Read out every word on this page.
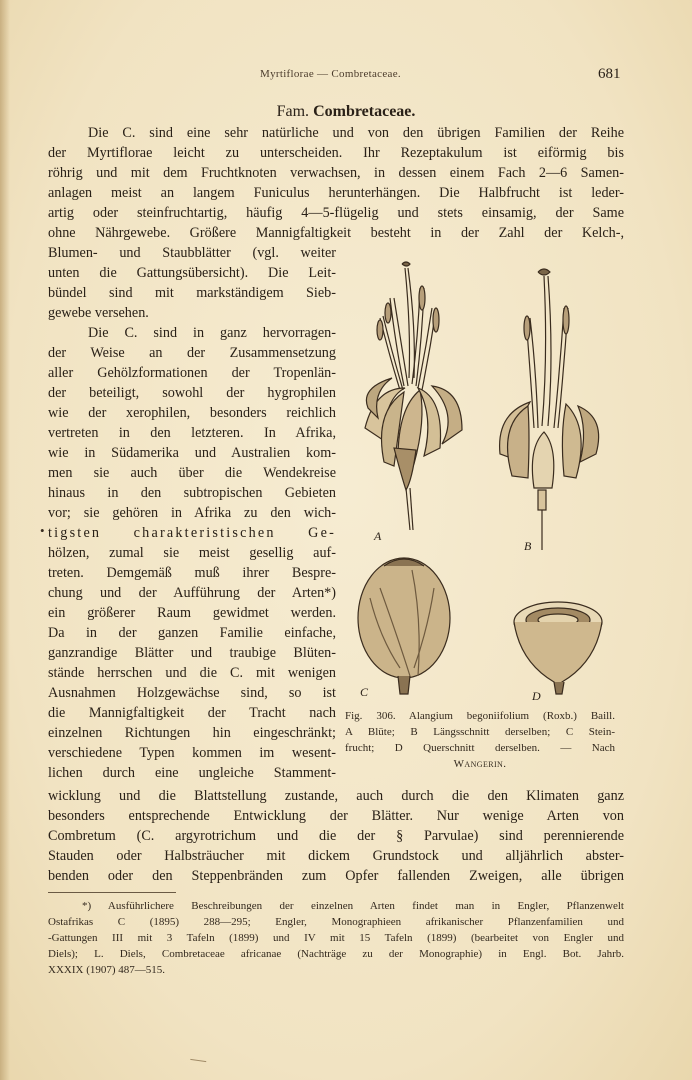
Myrtiflorae — Combretaceae.	681
Fam. Combretaceae.
Die C. sind eine sehr natürliche und von den übrigen Familien der Reihe
der Myrtiflorae leicht zu unterscheiden. Ihr Rezeptakulum ist eiförmig bis
röhrig und mit dem Fruchtknoten verwachsen, in dessen einem Fach 2—6 Samen-
anlagen meist an langem Funiculus herunterhängen. Die Halbfrucht ist leder-
artig oder steinfruchtartig, häufig 4—5-flügelig und stets einsamig, der Same
ohne Nährgewebe. Größere Mannigfaltigkeit besteht in der Zahl der Kelch-,
Blumen- und Staubblätter (vgl. weiter
unten die Gattungsübersicht). Die Leit-
bündel sind mit markständigem Sieb-
gewebe versehen.
Die C. sind in ganz hervorragen-
der Weise an der Zusammensetzung
aller Gehölzformationen der Tropenlän-
der beteiligt, sowohl der hygrophilen
wie der xerophilen, besonders reichlich
vertreten in den letzteren. In Afrika,
wie in Südamerika und Australien kom-
men sie auch über die Wendekreise
hinaus in den subtropischen Gebieten
vor; sie gehören in Afrika zu den wich-
tigsten charakteristischen Ge-
hölzen, zumal sie meist gesellig auf-
treten. Demgemäß muß ihrer Bespre-
chung und der Aufführung der Arten*)
ein größerer Raum gewidmet werden.
Da in der ganzen Familie einfache,
ganzrandige Blätter und traubige Blüten-
stände herrschen und die C. mit wenigen
Ausnahmen Holzgewächse sind, so ist
die Mannigfaltigkeit der Tracht nach
einzelnen Richtungen hin eingeschränkt;
verschiedene Typen kommen im wesent-
lichen durch eine ungleiche Stamment-
wicklung und die Blattstellung zustande, auch durch die den Klimaten ganz
besonders entsprechende Entwicklung der Blätter. Nur wenige Arten von
Combretum (C. argyrotrichum und die der § Parvulae) sind perennierende
Stauden oder Halbsträucher mit dickem Grundstock und alljährlich abster-
benden oder den Steppenbränden zum Opfer fallenden Zweigen, alle übrigen
•	A
B
C	D
Fig. 306. Alangium begoniifolium (Roxb.) Baill.
A Blüte; B Längsschnitt derselben; C Stein-
frucht; D Querschnitt derselben. — Nach
Wangerin.
*) Ausführlichere Beschreibungen der einzelnen Arten findet man in Engler, Pflanzenwelt
Ostafrikas C (1895) 288—295; Engler, Monographieen afrikanischer Pflanzenfamilien und
-Gattungen III mit 3 Tafeln (1899) und IV mit 15 Tafeln (1899) (bearbeitet von Engler und
Diels); L. Diels, Combretaceae africanae (Nachträge zu der Monographie) in Engl. Bot. Jahrb.
XXXIX (1907) 487—515.
